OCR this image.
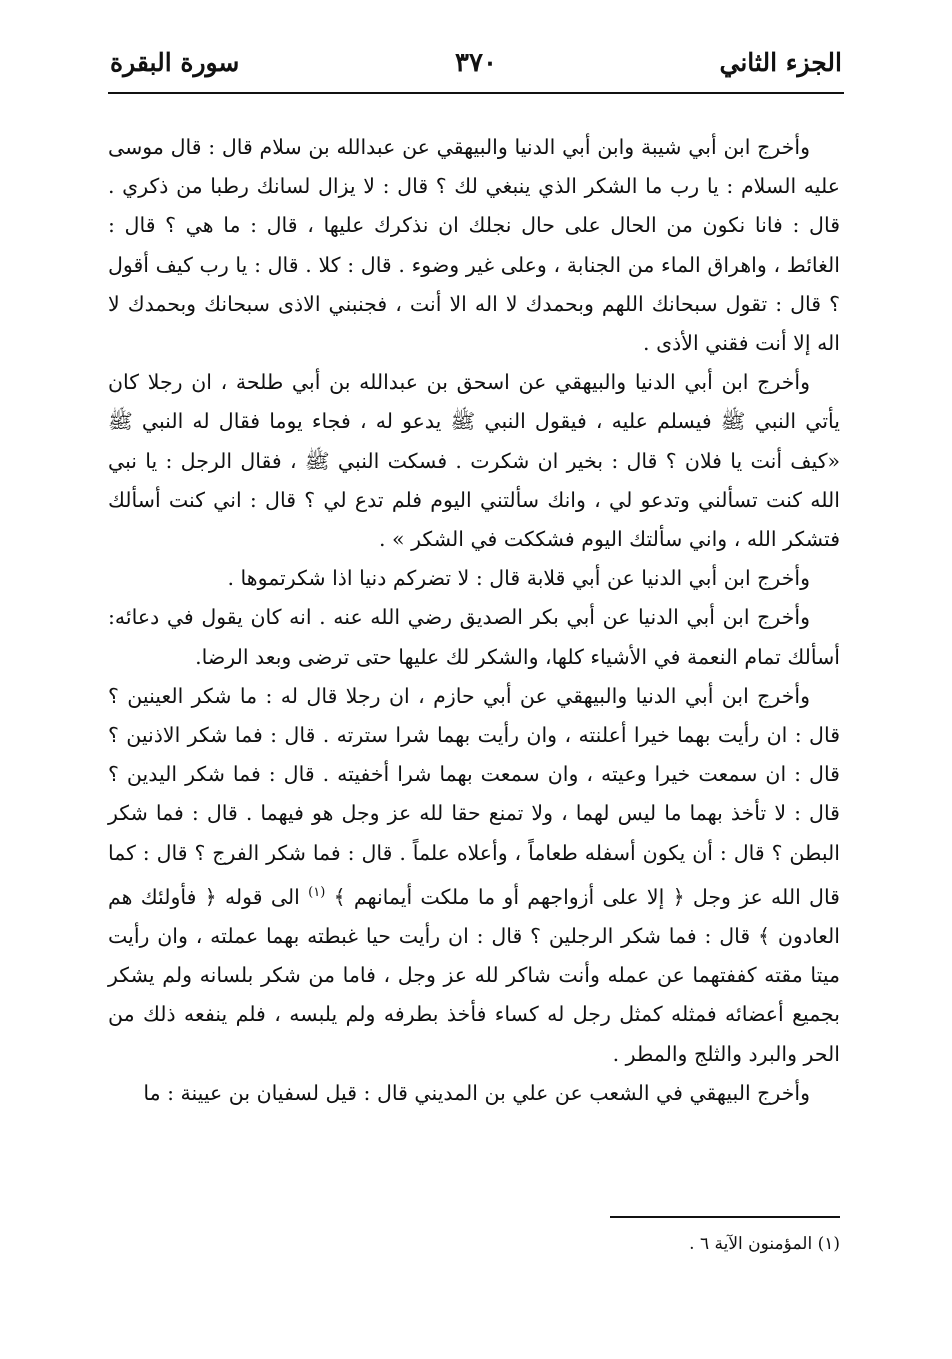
الجزء الثاني
٣٧٠
سورة البقرة

وأخرج ابن أبي شيبة وابن أبي الدنيا والبيهقي عن عبدالله بن سلام قال : قال موسى عليه السلام : يا رب ما الشكر الذي ينبغي لك ؟ قال : لا يزال لسانك رطبا من ذكري . قال : فانا نكون من الحال على حال نجلك ان نذكرك عليها ، قال : ما هي ؟ قال : الغائط ، واهراق الماء من الجنابة ، وعلى غير وضوء . قال : كلا . قال : يا رب كيف أقول ؟ قال : تقول سبحانك اللهم وبحمدك لا اله الا أنت ، فجنبني الاذى سبحانك وبحمدك لا اله إلا أنت فقني الأذى .

وأخرج ابن أبي الدنيا والبيهقي عن اسحق بن عبدالله بن أبي طلحة ، ان رجلا كان يأتي النبي ﷺ فيسلم عليه ، فيقول النبي ﷺ يدعو له ، فجاء يوما فقال له النبي ﷺ «كيف أنت يا فلان ؟ قال : بخير ان شكرت . فسكت النبي ﷺ ، فقال الرجل : يا نبي الله كنت تسألني وتدعو لي ، وانك سألتني اليوم فلم تدع لي ؟ قال : اني كنت أسألك فتشكر الله ، واني سألتك اليوم فشككت في الشكر » .

وأخرج ابن أبي الدنيا عن أبي قلابة قال : لا تضركم دنيا اذا شكرتموها .

وأخرج ابن أبي الدنيا عن أبي بكر الصديق رضي الله عنه . انه كان يقول في دعائه: أسألك تمام النعمة في الأشياء كلها، والشكر لك عليها حتى ترضى وبعد الرضا.

وأخرج ابن أبي الدنيا والبيهقي عن أبي حازم ، ان رجلا قال له : ما شكر العينين ؟ قال : ان رأيت بهما خيرا أعلنته ، وان رأيت بهما شرا سترته . قال : فما شكر الاذنين ؟ قال : ان سمعت خيرا وعيته ، وان سمعت بهما شرا أخفيته . قال : فما شكر اليدين ؟ قال : لا تأخذ بهما ما ليس لهما ، ولا تمنع حقا لله عز وجل هو فيهما . قال : فما شكر البطن ؟ قال : أن يكون أسفله طعاماً ، وأعلاه علماً . قال : فما شكر الفرج ؟ قال : كما قال الله عز وجل ﴿ إلا على أزواجهم أو ما ملكت أيمانهم ﴾ $^{(١)}$ الى قوله ﴿ فأولئك هم العادون ﴾ قال : فما شكر الرجلين ؟ قال : ان رأيت حيا غبطته بهما عملته ، وان رأيت ميتا مقته كففتهما عن عمله وأنت شاكر لله عز وجل ، فاما من شكر بلسانه ولم يشكر بجميع أعضائه فمثله كمثل رجل له كساء فأخذ بطرفه ولم يلبسه ، فلم ينفعه ذلك من الحر والبرد والثلج والمطر .

وأخرج البيهقي في الشعب عن علي بن المديني قال : قيل لسفيان بن عيينة : ما

(١) المؤمنون الآية ٦ .
